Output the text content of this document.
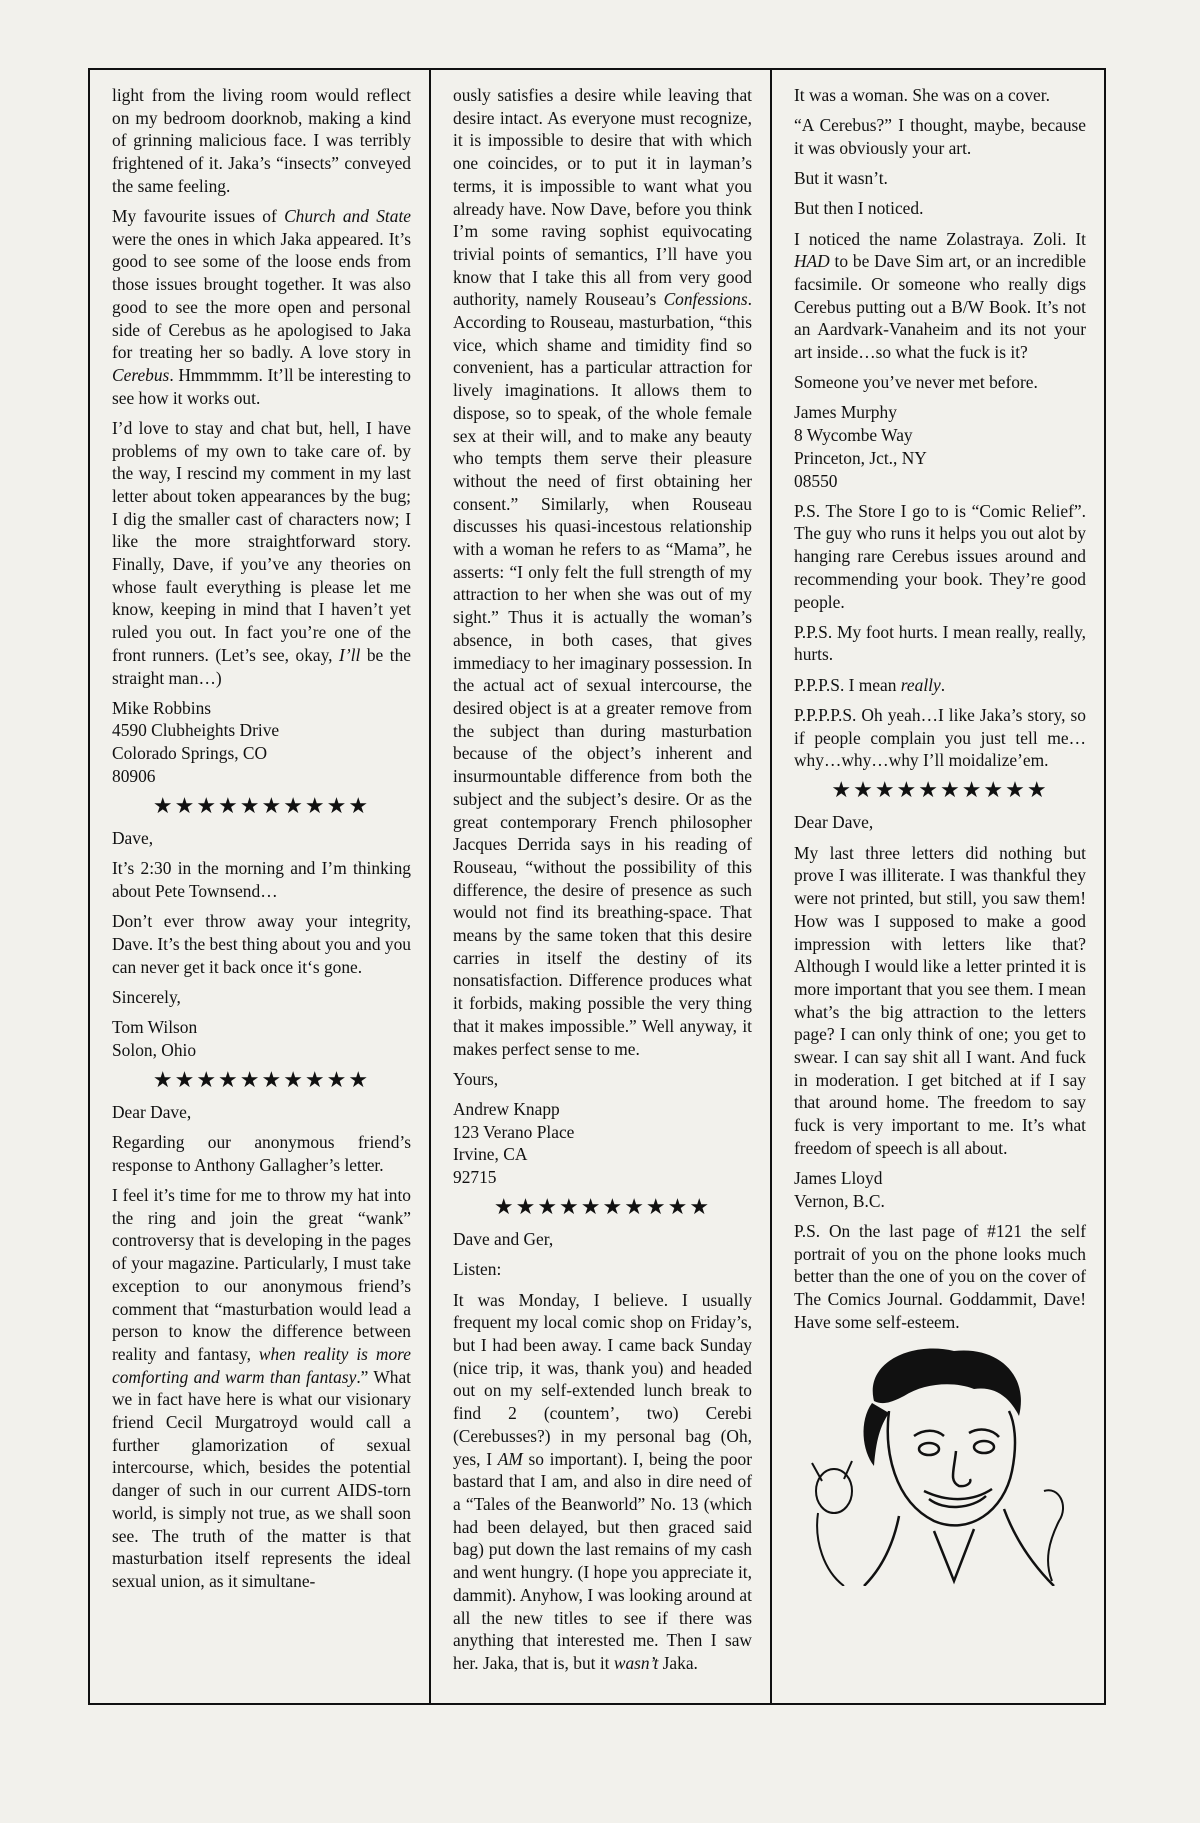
light from the living room would reflect on my bedroom doorknob, making a kind of grinning malicious face. I was terribly frightened of it. Jaka’s “insects” conveyed the same feeling.

My favourite issues of Church and State were the ones in which Jaka appeared. It’s good to see some of the loose ends from those issues brought together. It was also good to see the more open and personal side of Cerebus as he apologised to Jaka for treating her so badly. A love story in Cerebus. Hmmmmm. It’ll be interesting to see how it works out.

I’d love to stay and chat but, hell, I have problems of my own to take care of. by the way, I rescind my comment in my last letter about token appearances by the bug; I dig the smaller cast of characters now; I like the more straightforward story. Finally, Dave, if you’ve any theories on whose fault everything is please let me know, keeping in mind that I haven’t yet ruled you out. In fact you’re one of the front runners. (Let’s see, okay, I’ll be the straight man…)

Mike Robbins
4590 Clubheights Drive
Colorado Springs, CO
80906
★★★★★★★★★★

Dave,

It’s 2:30 in the morning and I’m thinking about Pete Townsend…

Don’t ever throw away your integrity, Dave. It’s the best thing about you and you can never get it back once it‘s gone.

Sincerely,

Tom Wilson
Solon, Ohio
★★★★★★★★★★

Dear Dave,

Regarding our anonymous friend’s response to Anthony Gallagher’s letter.

I feel it’s time for me to throw my hat into the ring and join the great “wank” controversy that is developing in the pages of your magazine. Particularly, I must take exception to our anonymous friend’s comment that “masturbation would lead a person to know the difference between reality and fantasy, when reality is more comforting and warm than fantasy.” What we in fact have here is what our visionary friend Cecil Murgatroyd would call a further glamorization of sexual intercourse, which, besides the potential danger of such in our current AIDS-torn world, is simply not true, as we shall soon see. The truth of the matter is that masturbation itself represents the ideal sexual union, as it simultane-

ously satisfies a desire while leaving that desire intact. As everyone must recognize, it is impossible to desire that with which one coincides, or to put it in layman’s terms, it is impossible to want what you already have. Now Dave, before you think I’m some raving sophist equivocating trivial points of semantics, I’ll have you know that I take this all from very good authority, namely Rouseau’s Confessions. According to Rouseau, masturbation, “this vice, which shame and timidity find so convenient, has a particular attraction for lively imaginations. It allows them to dispose, so to speak, of the whole female sex at their will, and to make any beauty who tempts them serve their pleasure without the need of first obtaining her consent.” Similarly, when Rouseau discusses his quasi-incestous relationship with a woman he refers to as “Mama”, he asserts: “I only felt the full strength of my attraction to her when she was out of my sight.” Thus it is actually the woman’s absence, in both cases, that gives immediacy to her imaginary possession. In the actual act of sexual intercourse, the desired object is at a greater remove from the subject than during masturbation because of the object’s inherent and insurmountable difference from both the subject and the subject’s desire. Or as the great contemporary French philosopher Jacques Derrida says in his reading of Rouseau, “without the possibility of this difference, the desire of presence as such would not find its breathing-space. That means by the same token that this desire carries in itself the destiny of its nonsatisfaction. Difference produces what it forbids, making possible the very thing that it makes impossible.” Well anyway, it makes perfect sense to me.

Yours,

Andrew Knapp
123 Verano Place
Irvine, CA
92715
★★★★★★★★★★

Dave and Ger,

Listen:

It was Monday, I believe. I usually frequent my local comic shop on Friday’s, but I had been away. I came back Sunday (nice trip, it was, thank you) and headed out on my self-extended lunch break to find 2 (countem’, two) Cerebi (Cerebusses?) in my personal bag (Oh, yes, I AM so important). I, being the poor bastard that I am, and also in dire need of a “Tales of the Beanworld” No. 13 (which had been delayed, but then graced said bag) put down the last remains of my cash and went hungry. (I hope you appreciate it, dammit). Anyhow, I was looking around at all the new titles to see if there was anything that interested me. Then I saw her. Jaka, that is, but it wasn’t Jaka.

It was a woman. She was on a cover.

“A Cerebus?” I thought, maybe, because it was obviously your art.

But it wasn’t.

But then I noticed.

I noticed the name Zolastraya. Zoli. It HAD to be Dave Sim art, or an incredible facsimile. Or someone who really digs Cerebus putting out a B/W Book. It’s not an Aardvark-Vanaheim and its not your art inside…so what the fuck is it?

Someone you’ve never met before.

James Murphy
8 Wycombe Way
Princeton, Jct., NY
08550

P.S. The Store I go to is “Comic Relief”. The guy who runs it helps you out alot by hanging rare Cerebus issues around and recommending your book. They’re good people.

P.P.S. My foot hurts. I mean really, really, hurts.

P.P.P.S. I mean really.

P.P.P.P.S. Oh yeah…I like Jaka’s story, so if people complain you just tell me…why…why…why I’ll moidalize’em.

★★★★★★★★★★

Dear Dave,

My last three letters did nothing but prove I was illiterate. I was thankful they were not printed, but still, you saw them! How was I supposed to make a good impression with letters like that? Although I would like a letter printed it is more important that you see them. I mean what’s the big attraction to the letters page? I can only think of one; you get to swear. I can say shit all I want. And fuck in moderation. I get bitched at if I say that around home. The freedom to say fuck is very important to me. It’s what freedom of speech is all about.

James Lloyd
Vernon, B.C.

P.S. On the last page of #121 the self portrait of you on the phone looks much better than the one of you on the cover of The Comics Journal. Goddammit, Dave! Have some self-esteem.
